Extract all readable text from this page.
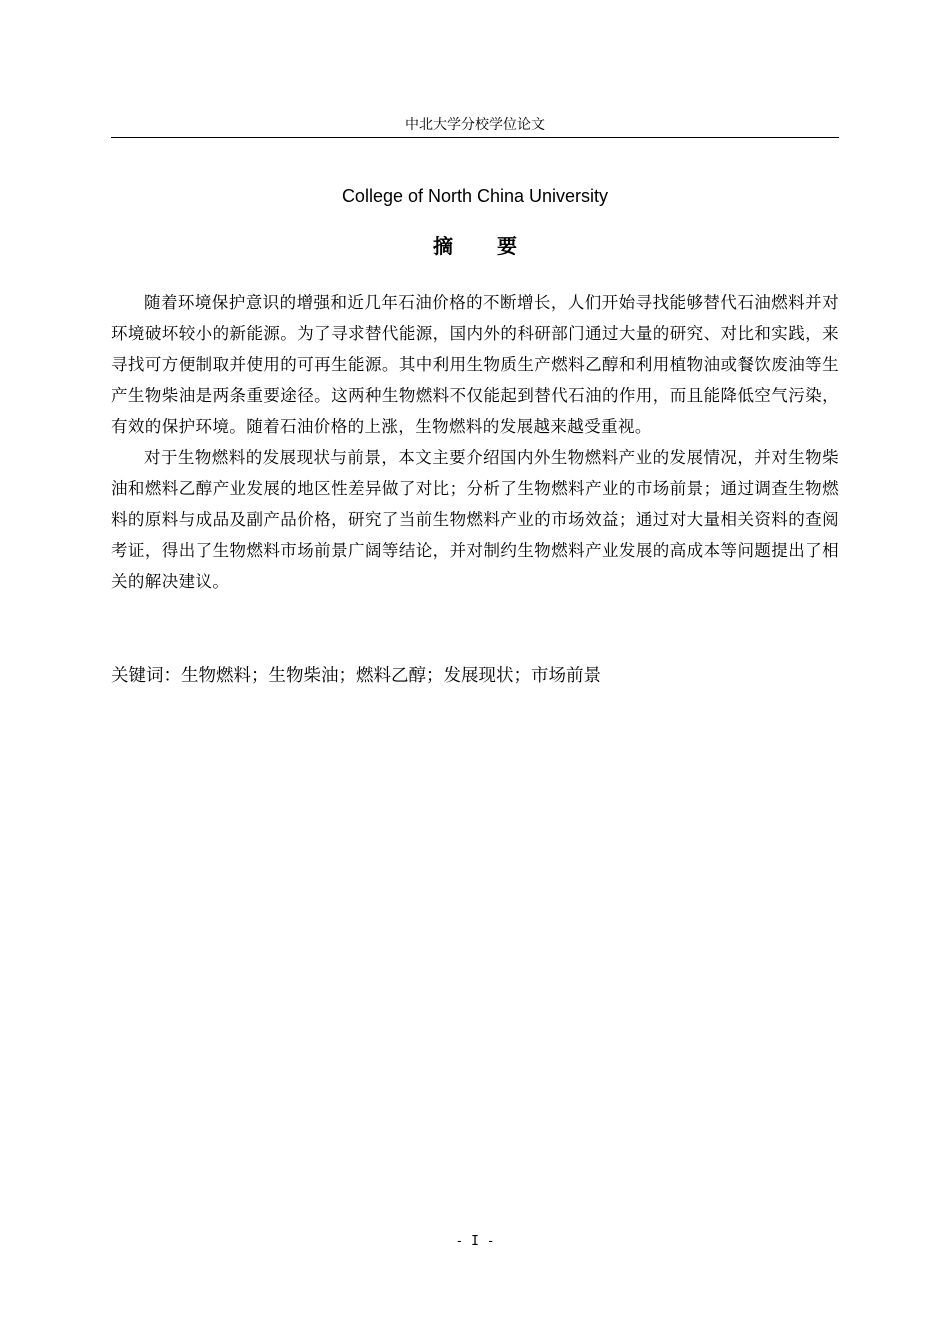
中北大学分校学位论文
College of North China University
摘 要

随着环境保护意识的增强和近几年石油价格的不断增长，人们开始寻找能够替代石油燃料并对环境破坏较小的新能源。为了寻求替代能源，国内外的科研部门通过大量的研究、对比和实践，来寻找可方便制取并使用的可再生能源。其中利用生物质生产燃料乙醇和利用植物油或餐饮废油等生产生物柴油是两条重要途径。这两种生物燃料不仅能起到替代石油的作用，而且能降低空气污染，有效的保护环境。随着石油价格的上涨，生物燃料的发展越来越受重视。

对于生物燃料的发展现状与前景，本文主要介绍国内外生物燃料产业的发展情况，并对生物柴油和燃料乙醇产业发展的地区性差异做了对比；分析了生物燃料产业的市场前景；通过调查生物燃料的原料与成品及副产品价格，研究了当前生物燃料产业的市场效益；通过对大量相关资料的查阅考证，得出了生物燃料市场前景广阔等结论，并对制约生物燃料产业发展的高成本等问题提出了相关的解决建议。

关键词：生物燃料；生物柴油；燃料乙醇；发展现状；市场前景
- I -
